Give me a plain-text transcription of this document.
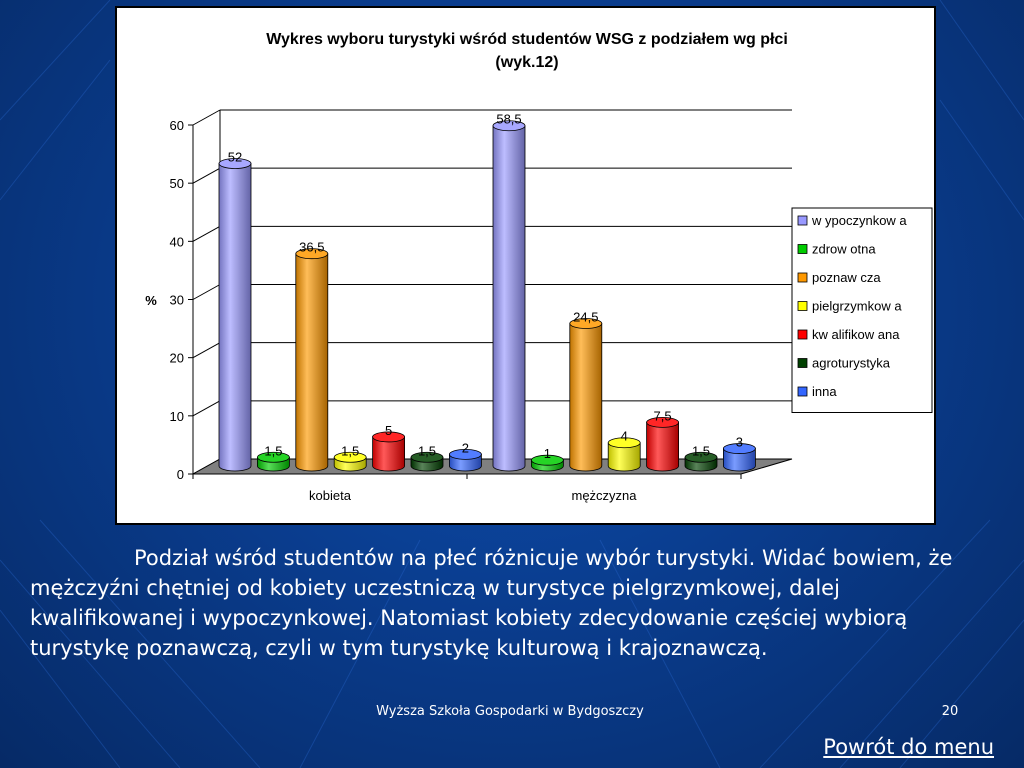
Wykres wyboru turystyki wśród studentów WSG z podziałem wg płci
(wyk.12)
%
0
10
20
30
40
50
60
kobieta	mężczyzna
52
1,5
36,5
1,5
5
1,5 2
58,5
1
24,5
4
7,5
1,5
3
w ypoczynkow a
zdrow otna
poznaw cza
pielgrzymkow a
kw alifikow ana
agroturystyka
inna

Podział wśród studentów na płeć różnicuje wybór turystyki. Widać bowiem, że mężczyźni chętniej od kobiety uczestniczą w turystyce pielgrzymkowej, dalej kwalifikowanej i wypoczynkowej. Natomiast kobiety zdecydowanie częściej wybiorą turystykę poznawczą, czyli w tym turystykę kulturową i krajoznawczą.

Wyższa Szkoła Gospodarki w Bydgoszczy	20
Powrót do menu
